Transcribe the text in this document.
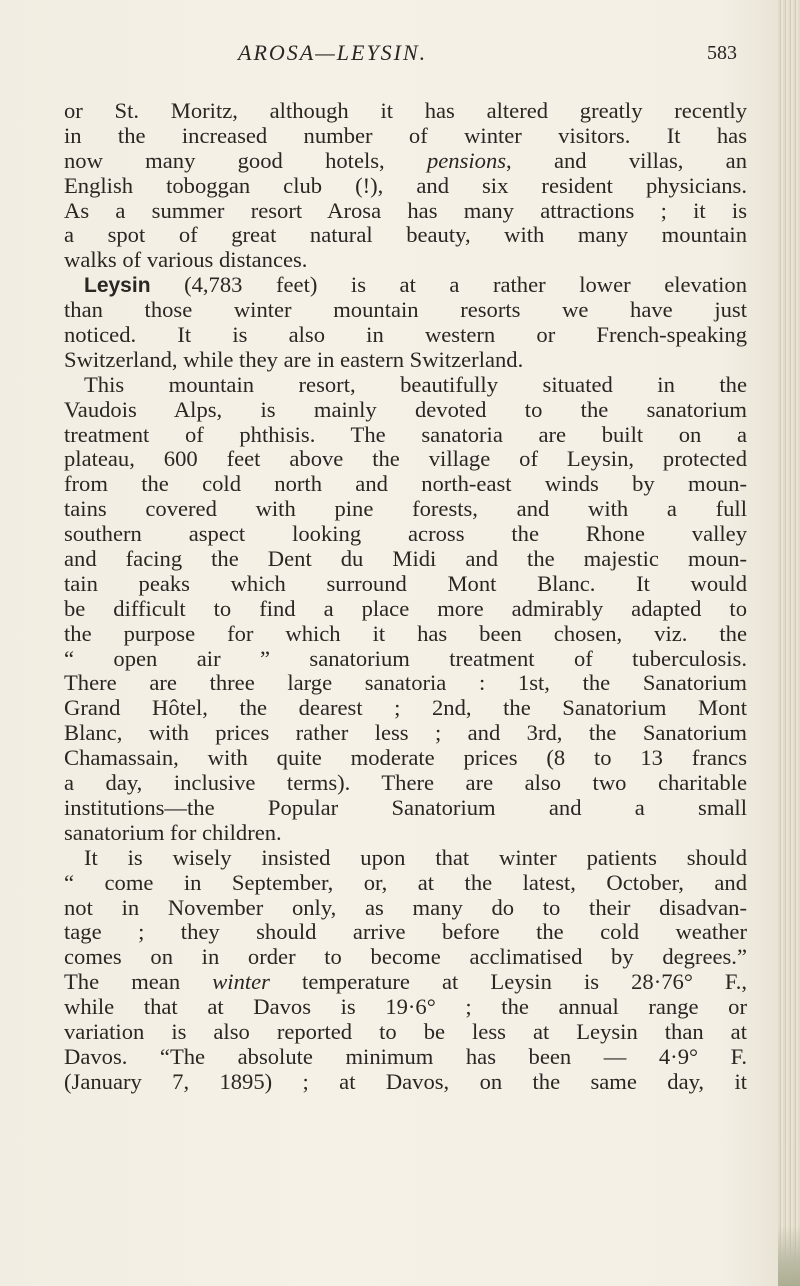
AROSA—LEYSIN.	583
or St. Moritz, although it has altered greatly recently
in the increased number of winter visitors. It has
now many good hotels, pensions, and villas, an
English toboggan club (!), and six resident physicians.
As a summer resort Arosa has many attractions ; it is
a spot of great natural beauty, with many mountain
walks of various distances.
Leysin (4,783 feet) is at a rather lower elevation
than those winter mountain resorts we have just
noticed. It is also in western or French-speaking
Switzerland, while they are in eastern Switzerland.
This mountain resort, beautifully situated in the
Vaudois Alps, is mainly devoted to the sanatorium
treatment of phthisis. The sanatoria are built on a
plateau, 600 feet above the village of Leysin, protected
from the cold north and north-east winds by moun-
tains covered with pine forests, and with a full
southern aspect looking across the Rhone valley
and facing the Dent du Midi and the majestic moun-
tain peaks which surround Mont Blanc. It would
be difficult to find a place more admirably adapted to
the purpose for which it has been chosen, viz. the
“ open air ” sanatorium treatment of tuberculosis.
There are three large sanatoria : 1st, the Sanatorium
Grand Hôtel, the dearest ; 2nd, the Sanatorium Mont
Blanc, with prices rather less ; and 3rd, the Sanatorium
Chamassain, with quite moderate prices (8 to 13 francs
a day, inclusive terms). There are also two charitable
institutions—the Popular Sanatorium and a small
sanatorium for children.
It is wisely insisted upon that winter patients should
“ come in September, or, at the latest, October, and
not in November only, as many do to their disadvan-
tage ; they should arrive before the cold weather
comes on in order to become acclimatised by degrees.”
The mean winter temperature at Leysin is 28·76° F.,
while that at Davos is 19·6° ; the annual range or
variation is also reported to be less at Leysin than at
Davos. “The absolute minimum has been — 4·9° F.
(January 7, 1895) ; at Davos, on the same day, it
